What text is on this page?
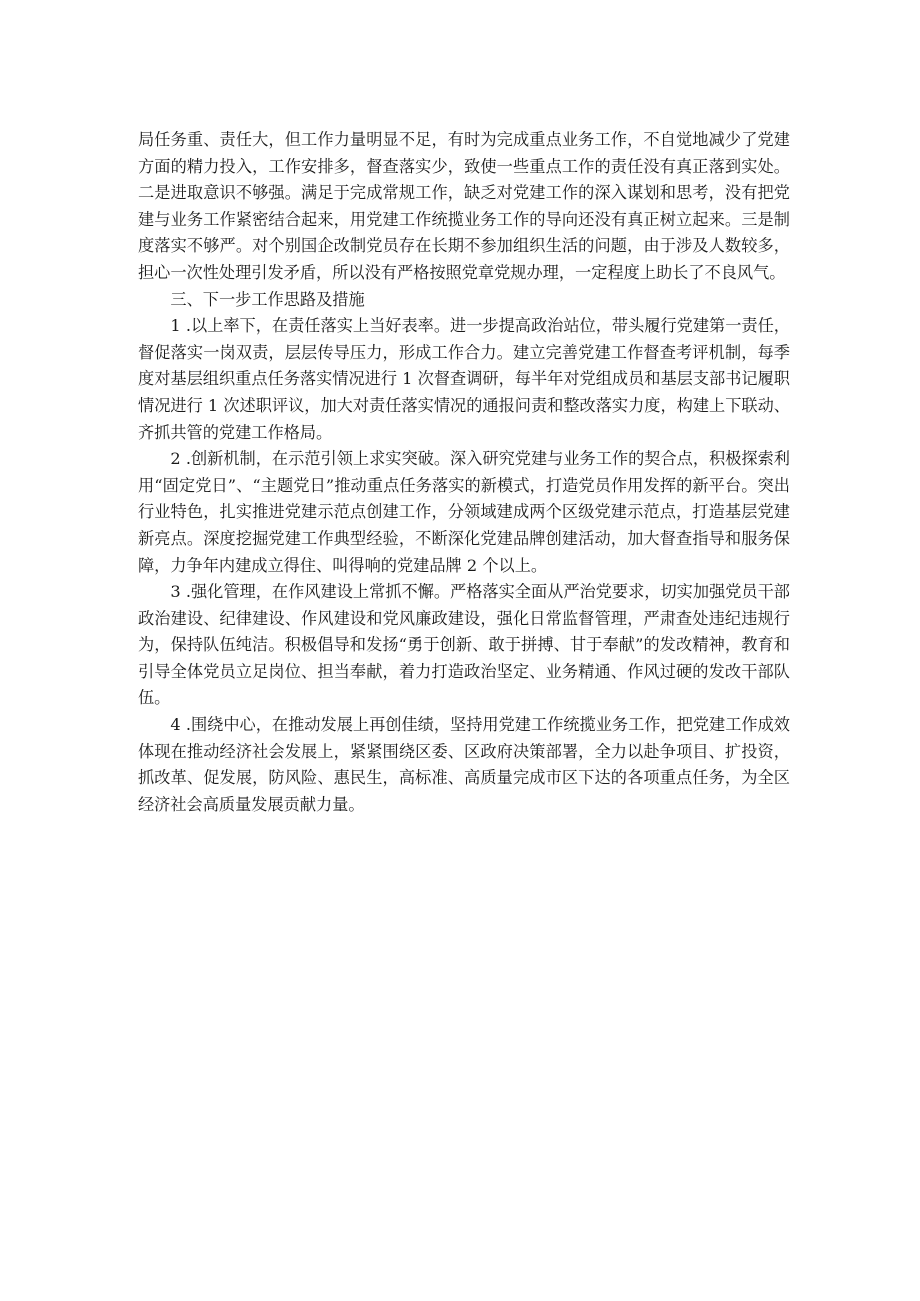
局任务重、责任大，但工作力量明显不足，有时为完成重点业务工作，不自觉地减少了党建方面的精力投入，工作安排多，督查落实少，致使一些重点工作的责任没有真正落到实处。二是进取意识不够强。满足于完成常规工作，缺乏对党建工作的深入谋划和思考，没有把党建与业务工作紧密结合起来，用党建工作统揽业务工作的导向还没有真正树立起来。三是制度落实不够严。对个别国企改制党员存在长期不参加组织生活的问题，由于涉及人数较多，担心一次性处理引发矛盾，所以没有严格按照党章党规办理，一定程度上助长了不良风气。

三、下一步工作思路及措施

1 .以上率下，在责任落实上当好表率。进一步提高政治站位，带头履行党建第一责任，督促落实一岗双责，层层传导压力，形成工作合力。建立完善党建工作督查考评机制，每季度对基层组织重点任务落实情况进行 1 次督查调研，每半年对党组成员和基层支部书记履职情况进行 1 次述职评议，加大对责任落实情况的通报问责和整改落实力度，构建上下联动、齐抓共管的党建工作格局。

2 .创新机制，在示范引领上求实突破。深入研究党建与业务工作的契合点，积极探索利用“固定党日”、“主题党日”推动重点任务落实的新模式，打造党员作用发挥的新平台。突出行业特色，扎实推进党建示范点创建工作，分领域建成两个区级党建示范点，打造基层党建新亮点。深度挖掘党建工作典型经验，不断深化党建品牌创建活动，加大督查指导和服务保障，力争年内建成立得住、叫得响的党建品牌 2 个以上。

3 .强化管理，在作风建设上常抓不懈。严格落实全面从严治党要求，切实加强党员干部政治建设、纪律建设、作风建设和党风廉政建设，强化日常监督管理，严肃查处违纪违规行为，保持队伍纯洁。积极倡导和发扬“勇于创新、敢于拼搏、甘于奉献”的发改精神，教育和引导全体党员立足岗位、担当奉献，着力打造政治坚定、业务精通、作风过硬的发改干部队伍。

4 .围绕中心，在推动发展上再创佳绩，坚持用党建工作统揽业务工作，把党建工作成效体现在推动经济社会发展上，紧紧围绕区委、区政府决策部署，全力以赴争项目、扩投资，抓改革、促发展，防风险、惠民生，高标准、高质量完成市区下达的各项重点任务，为全区经济社会高质量发展贡献力量。
